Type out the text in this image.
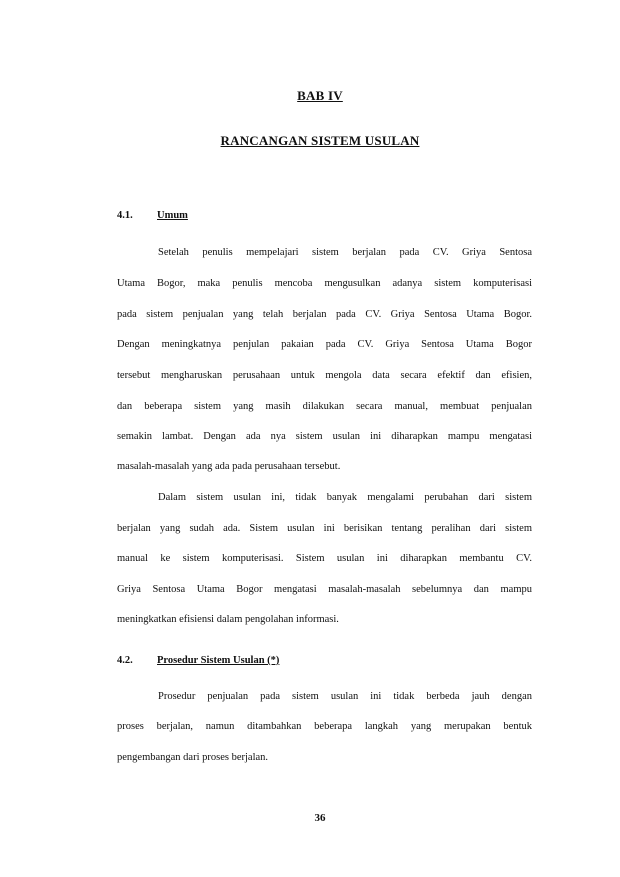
BAB IV
RANCANGAN SISTEM USULAN
4.1. Umum
Setelah penulis mempelajari sistem berjalan pada CV. Griya Sentosa
Utama Bogor, maka penulis mencoba mengusulkan adanya sistem komputerisasi
pada sistem penjualan yang telah berjalan pada CV. Griya Sentosa Utama Bogor.
Dengan meningkatnya penjulan pakaian pada CV. Griya Sentosa Utama Bogor
tersebut mengharuskan perusahaan untuk mengola data secara efektif dan efisien,
dan beberapa sistem yang masih dilakukan secara manual, membuat penjualan
semakin lambat. Dengan ada nya sistem usulan ini diharapkan mampu mengatasi
masalah-masalah yang ada pada perusahaan tersebut.
Dalam sistem usulan ini, tidak banyak mengalami perubahan dari sistem
berjalan yang sudah ada. Sistem usulan ini berisikan tentang peralihan dari sistem
manual ke sistem komputerisasi. Sistem usulan ini diharapkan membantu CV.
Griya Sentosa Utama Bogor mengatasi masalah-masalah sebelumnya dan mampu
meningkatkan efisiensi dalam pengolahan informasi.
4.2. Prosedur Sistem Usulan (*)
Prosedur penjualan pada sistem usulan ini tidak berbeda jauh dengan
proses berjalan, namun ditambahkan beberapa langkah yang merupakan bentuk
pengembangan dari proses berjalan.
36
